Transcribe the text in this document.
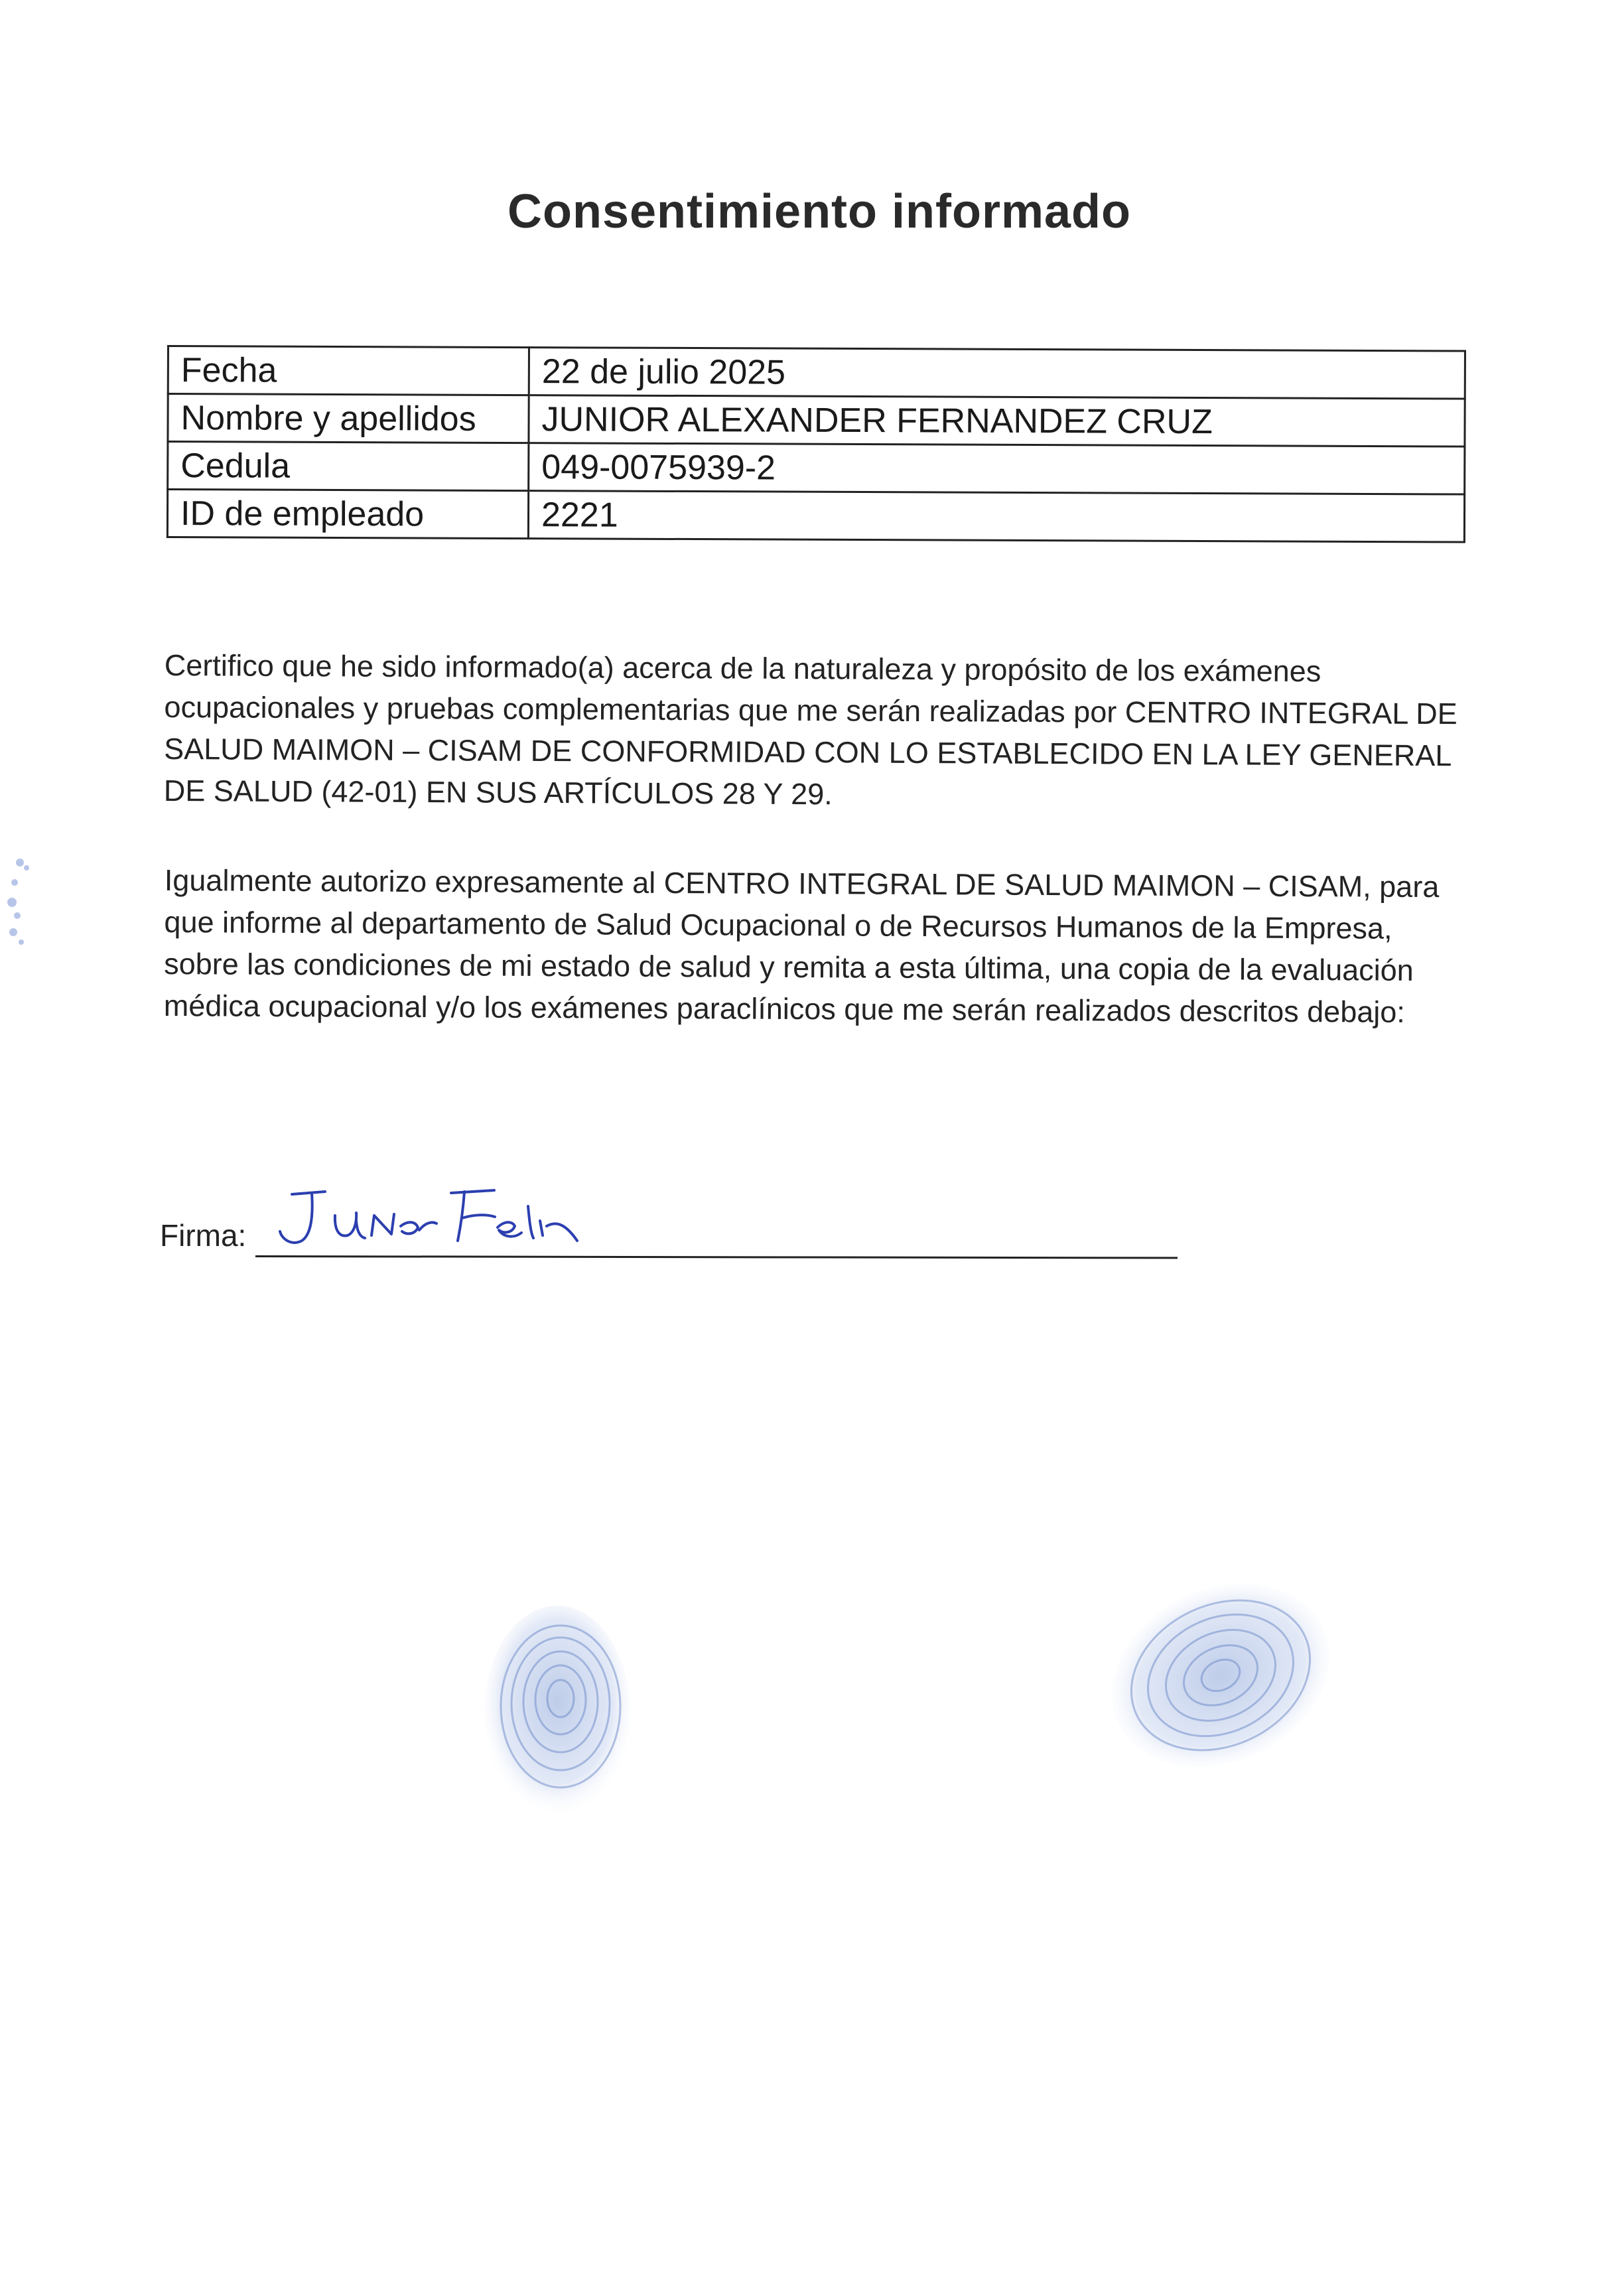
Consentimiento informado
Fecha	22 de julio 2025
Nombre y apellidos	JUNIOR ALEXANDER FERNANDEZ CRUZ
Cedula	049-0075939-2
ID de empleado	2221

Certifico que he sido informado(a) acerca de la naturaleza y propósito de los exámenes ocupacionales y pruebas complementarias que me serán realizadas por CENTRO INTEGRAL DE SALUD MAIMON – CISAM DE CONFORMIDAD CON LO ESTABLECIDO EN LA LEY GENERAL DE SALUD (42-01) EN SUS ARTÍCULOS 28 Y 29.

Igualmente autorizo expresamente al CENTRO INTEGRAL DE SALUD MAIMON – CISAM, para que informe al departamento de Salud Ocupacional o de Recursos Humanos de la Empresa, sobre las condiciones de mi estado de salud y remita a esta última, una copia de la evaluación médica ocupacional y/o los exámenes paraclínicos que me serán realizados descritos debajo:

Firma:
